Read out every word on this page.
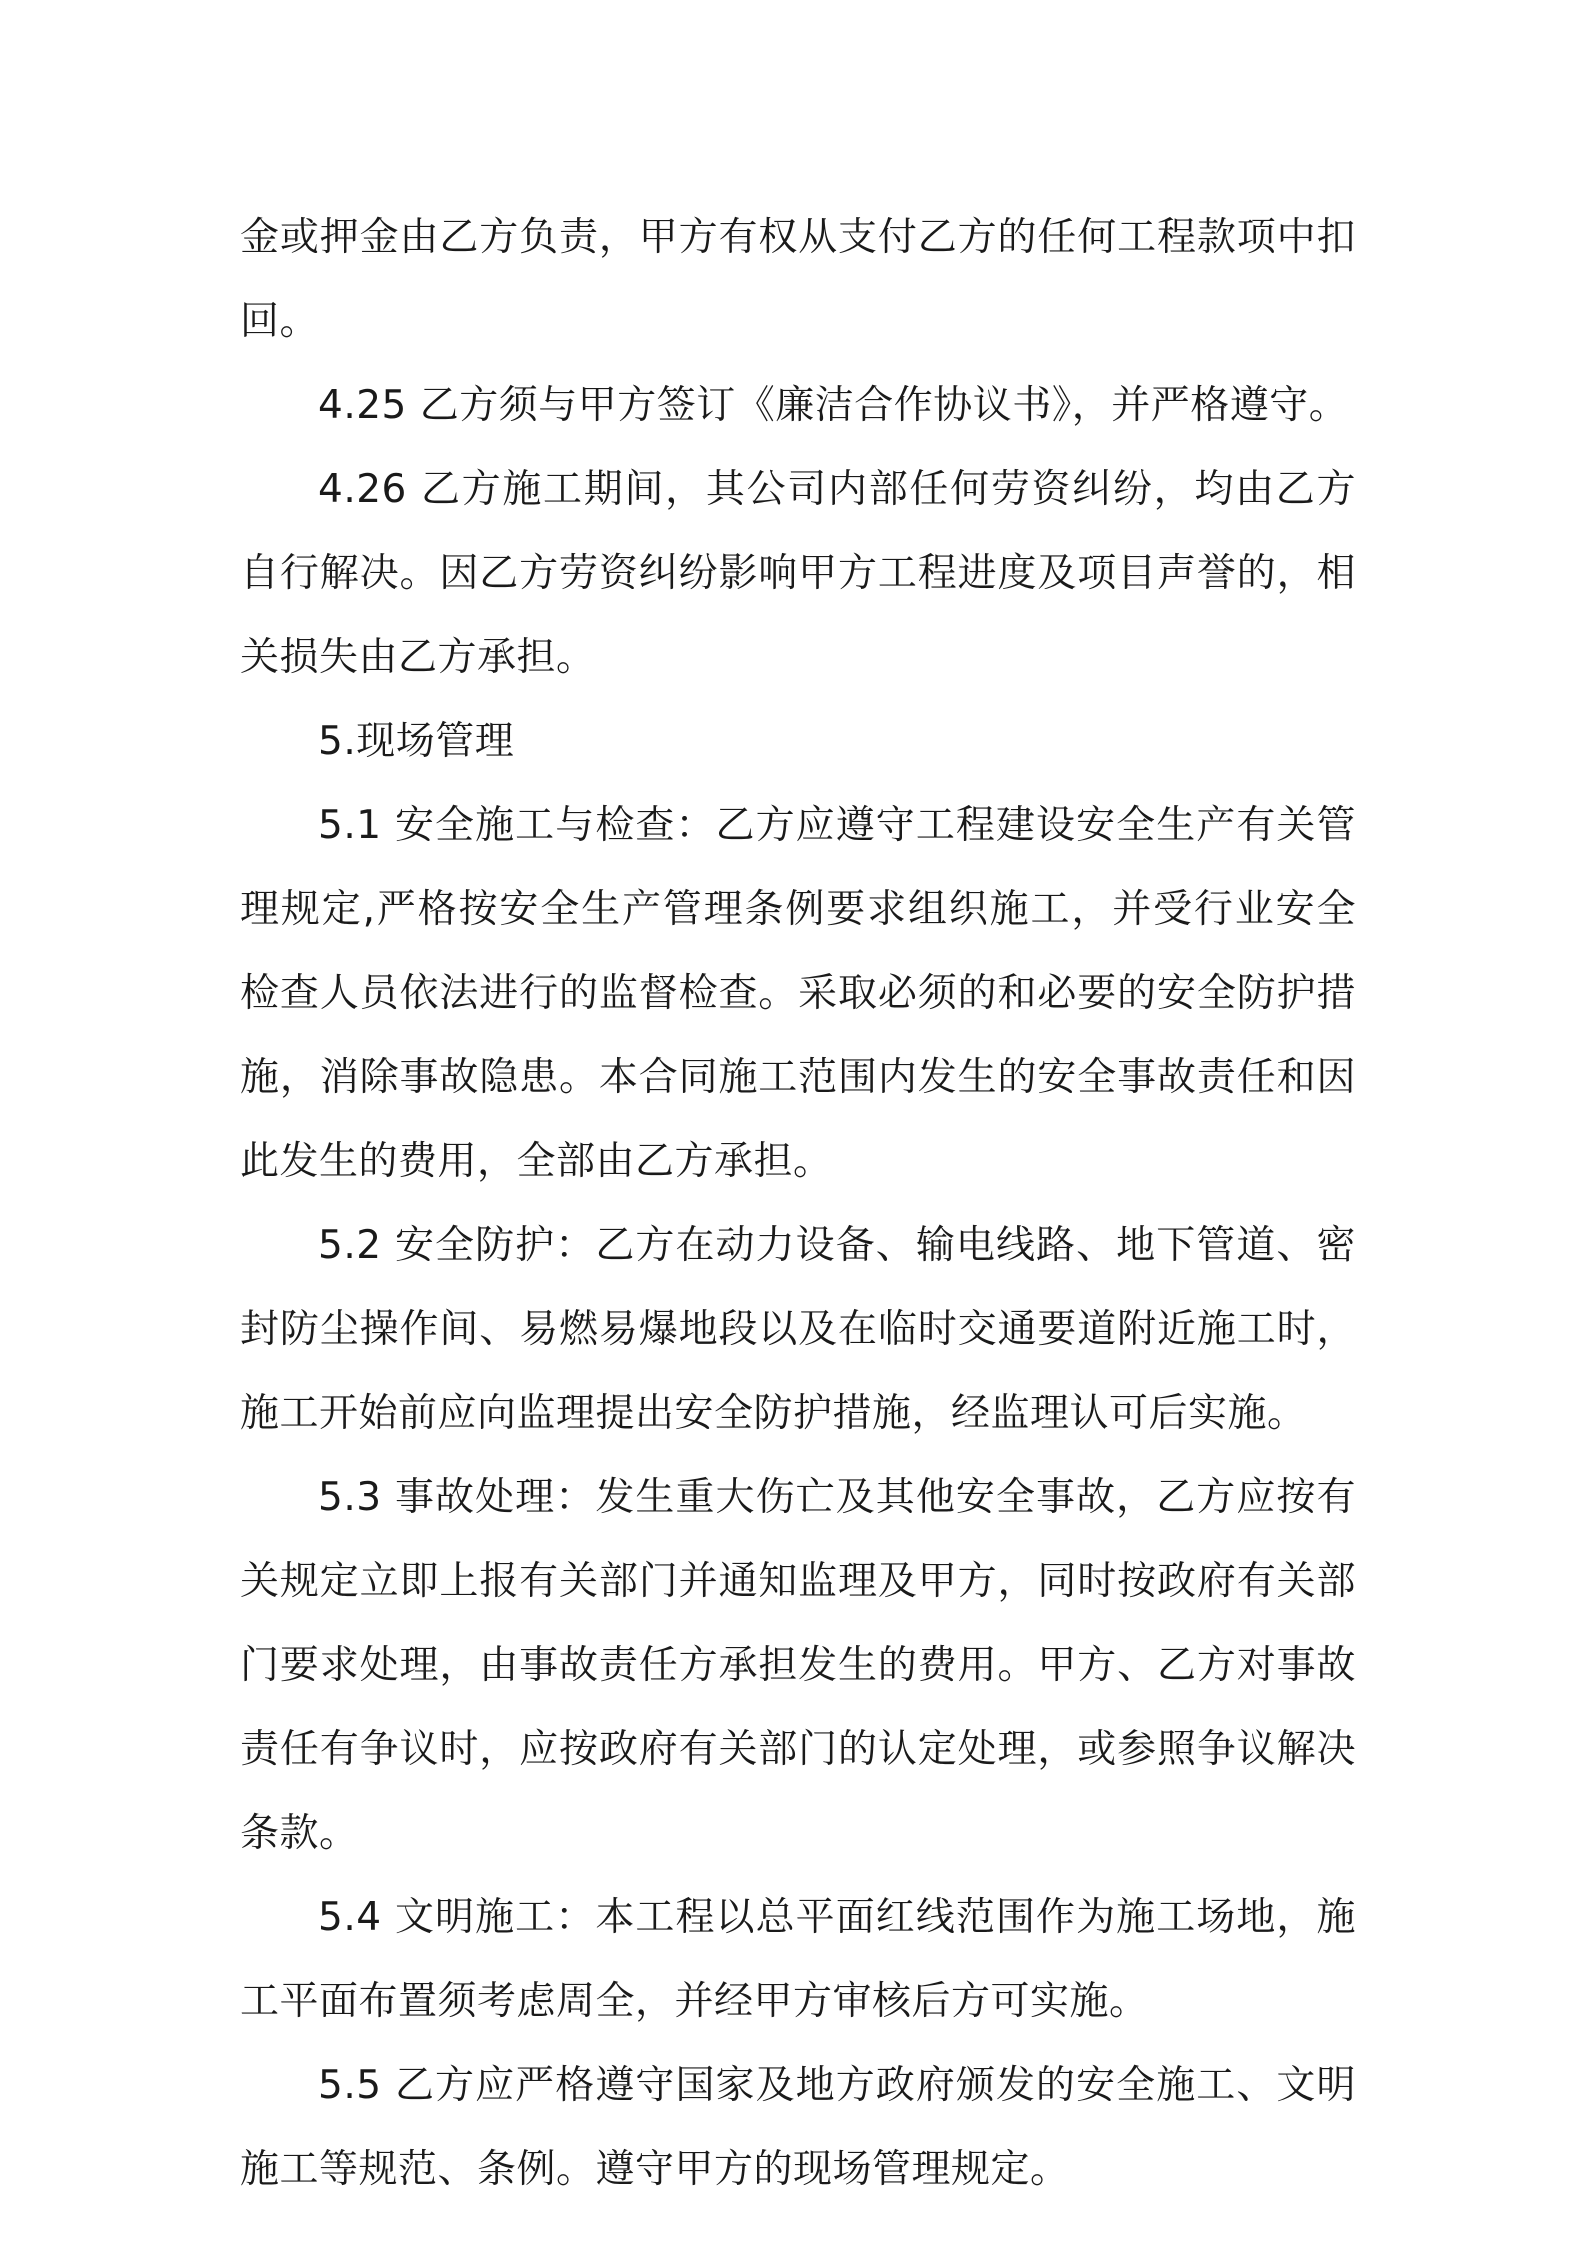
金或押金由乙方负责，甲方有权从支付乙方的任何工程款项中扣回。

4.25 乙方须与甲方签订《廉洁合作协议书》，并严格遵守。

4.26 乙方施工期间，其公司内部任何劳资纠纷，均由乙方自行解决。因乙方劳资纠纷影响甲方工程进度及项目声誉的，相关损失由乙方承担。

5.现场管理

5.1 安全施工与检查：乙方应遵守工程建设安全生产有关管理规定,严格按安全生产管理条例要求组织施工，并受行业安全检查人员依法进行的监督检查。采取必须的和必要的安全防护措施，消除事故隐患。本合同施工范围内发生的安全事故责任和因此发生的费用，全部由乙方承担。

5.2 安全防护：乙方在动力设备、输电线路、地下管道、密封防尘操作间、易燃易爆地段以及在临时交通要道附近施工时，施工开始前应向监理提出安全防护措施，经监理认可后实施。

5.3 事故处理：发生重大伤亡及其他安全事故，乙方应按有关规定立即上报有关部门并通知监理及甲方，同时按政府有关部门要求处理，由事故责任方承担发生的费用。甲方、乙方对事故责任有争议时，应按政府有关部门的认定处理，或参照争议解决条款。

5.4 文明施工：本工程以总平面红线范围作为施工场地，施工平面布置须考虑周全，并经甲方审核后方可实施。

5.5 乙方应严格遵守国家及地方政府颁发的安全施工、文明施工等规范、条例。遵守甲方的现场管理规定。
